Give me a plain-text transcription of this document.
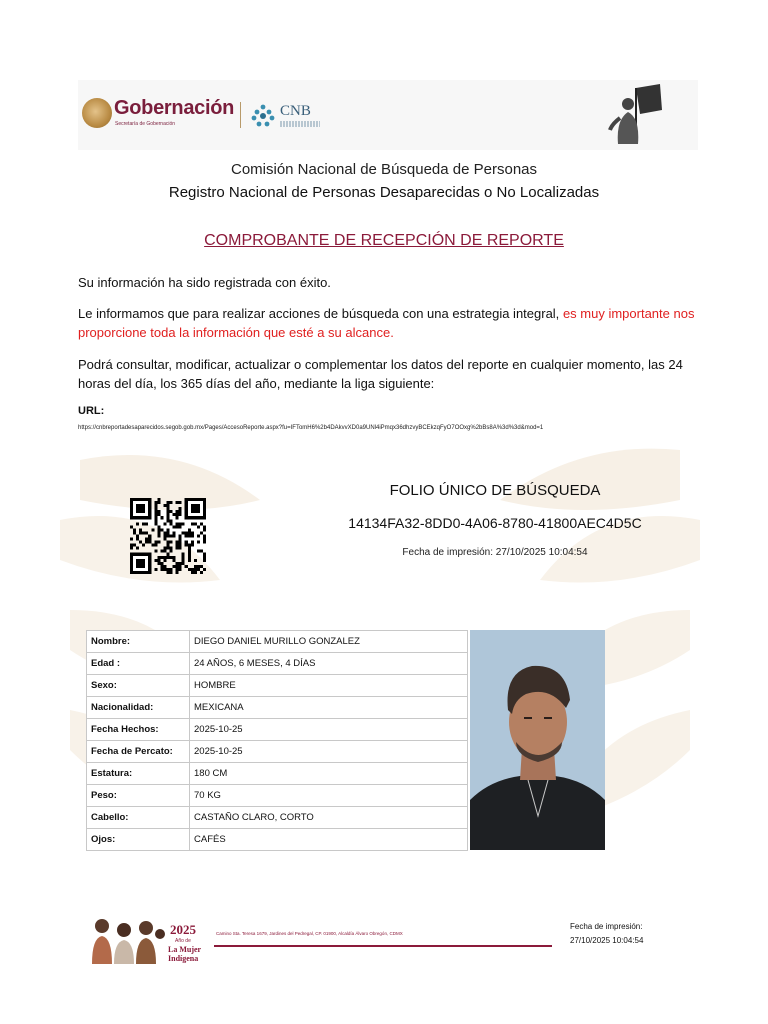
Gobernación
Secretaría de Gobernación
CNB
Comisión Nacional de Búsqueda de Personas
Registro Nacional de Personas Desaparecidas o No Localizadas
COMPROBANTE DE RECEPCIÓN DE REPORTE
Su información ha sido registrada con éxito.
Le informamos que para realizar acciones de búsqueda con una estrategia integral, es muy importante nos proporcione toda la información que esté a su alcance.
Podrá consultar, modificar, actualizar o complementar los datos del reporte en cualquier momento, las 24 horas del día, los 365 días del año, mediante la liga siguiente:
URL:
https://cnbreportadesaparecidos.segob.gob.mx/Pages/AccesoReporte.aspx?fu=IFTomH6%2b4DAkvvXD0a9UNl4iPmqx36dhzvyBCEkzqFyO7OOxg%2bBs8A%3d%3d&mod=1
FOLIO ÚNICO DE BÚSQUEDA
14134FA32-8DD0-4A06-8780-41800AEC4D5C
Fecha de impresión: 27/10/2025 10:04:54
Nombre:	DIEGO DANIEL MURILLO GONZALEZ
Edad :	24 AÑOS, 6 MESES, 4 DÍAS
Sexo:	HOMBRE
Nacionalidad:	MEXICANA
Fecha Hechos:	2025-10-25
Fecha de Percato:	2025-10-25
Estatura:	180 CM
Peso:	70 KG
Cabello:	CASTAÑO CLARO, CORTO
Ojos:	CAFÉS
2025
Año de
La Mujer Indígena
Camino Sta. Teresa 1679, Jardines del Pedregal, CP. 01900, Alcaldía Álvaro Obregón, CDMX
Fecha de impresión:
27/10/2025 10:04:54
